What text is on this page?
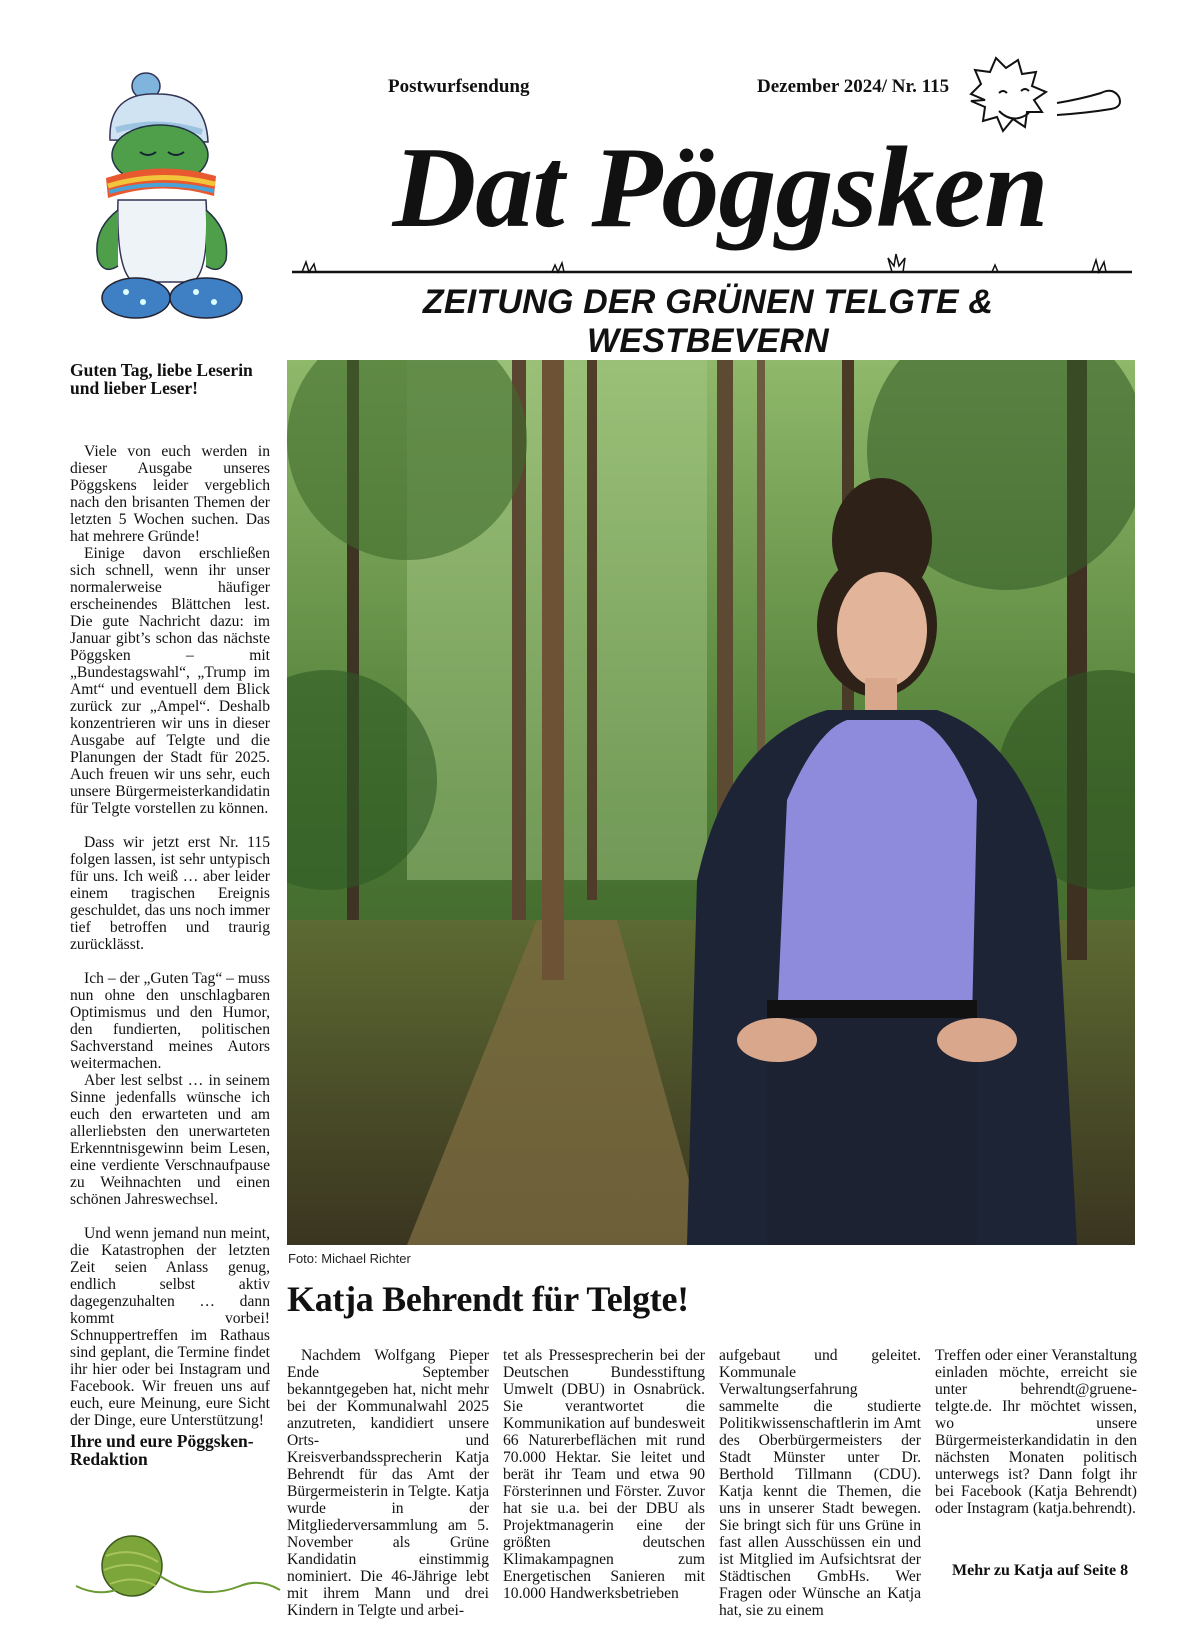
Postwurfsendung	Dezember 2024/ Nr. 115
Dat Pöggsken
ZEITUNG DER GRÜNEN TELGTE & WESTBEVERN
Guten Tag, liebe Leserin und lieber Leser!

Viele von euch werden in dieser Ausgabe unseres Pöggskens leider vergeblich nach den brisanten Themen der letzten 5 Wochen suchen. Das hat mehrere Gründe!

Einige davon erschließen sich schnell, wenn ihr unser normalerweise häufiger erscheinendes Blättchen lest. Die gute Nachricht dazu: im Januar gibt’s schon das nächste Pöggsken – mit „Bundestagswahl“, „Trump im Amt“ und eventuell dem Blick zurück zur „Ampel“. Deshalb konzentrieren wir uns in dieser Ausgabe auf Telgte und die Planungen der Stadt für 2025. Auch freuen wir uns sehr, euch unsere Bürgermeisterkandidatin für Telgte vorstellen zu können.

Dass wir jetzt erst Nr. 115 folgen lassen, ist sehr untypisch für uns. Ich weiß … aber leider einem tragischen Ereignis geschuldet, das uns noch immer tief betroffen und traurig zurücklässt.

Ich – der „Guten Tag“ – muss nun ohne den unschlagbaren Optimismus und den Humor, den fundierten, politischen Sachverstand meines Autors weitermachen.

Aber lest selbst … in seinem Sinne jedenfalls wünsche ich euch den erwarteten und am allerliebsten den unerwarteten Erkenntnisgewinn beim Lesen, eine verdiente Verschnaufpause zu Weihnachten und einen schönen Jahreswechsel.

Und wenn jemand nun meint, die Katastrophen der letzten Zeit seien Anlass genug, endlich selbst aktiv dagegenzuhalten … dann kommt vorbei! Schnuppertreffen im Rathaus sind geplant, die Termine findet ihr hier oder bei Instagram und Facebook. Wir freuen uns auf euch, eure Meinung, eure Sicht der Dinge, eure Unterstützung!

Ihre und eure Pöggsken-Redaktion
Foto: Michael Richter
Katja Behrendt für Telgte!

Nachdem Wolfgang Pieper Ende September bekanntgegeben hat, nicht mehr bei der Kommunalwahl 2025 anzutreten, kandidiert unsere Orts- und Kreisverbandssprecherin Katja Behrendt für das Amt der Bürgermeisterin in Telgte. Katja wurde in der Mitgliederversammlung am 5. November als Grüne Kandidatin einstimmig nominiert. Die 46-Jährige lebt mit ihrem Mann und drei Kindern in Telgte und arbei-

tet als Pressesprecherin bei der Deutschen Bundesstiftung Umwelt (DBU) in Osnabrück. Sie verantwortet die Kommunikation auf bundesweit 66 Naturerbeflächen mit rund 70.000 Hektar. Sie leitet und berät ihr Team und etwa 90 Försterinnen und Förster. Zuvor hat sie u.a. bei der DBU als Projektmanagerin eine der größten deutschen Klimakampagnen zum Energetischen Sanieren mit 10.000 Handwerksbetrieben

aufgebaut und geleitet. Kommunale Verwaltungserfahrung sammelte die studierte Politikwissenschaftlerin im Amt des Oberbürgermeisters der Stadt Münster unter Dr. Berthold Tillmann (CDU). Katja kennt die Themen, die uns in unserer Stadt bewegen. Sie bringt sich für uns Grüne in fast allen Ausschüssen ein und ist Mitglied im Aufsichtsrat der Städtischen GmbHs. Wer Fragen oder Wünsche an Katja hat, sie zu einem

Treffen oder einer Veranstaltung einladen möchte, erreicht sie unter behrendt@gruene-telgte.de. Ihr möchtet wissen, wo unsere Bürgermeisterkandidatin in den nächsten Monaten politisch unterwegs ist? Dann folgt ihr bei Facebook (Katja Behrendt) oder Instagram (katja.behrendt).

Mehr zu Katja auf Seite 8
